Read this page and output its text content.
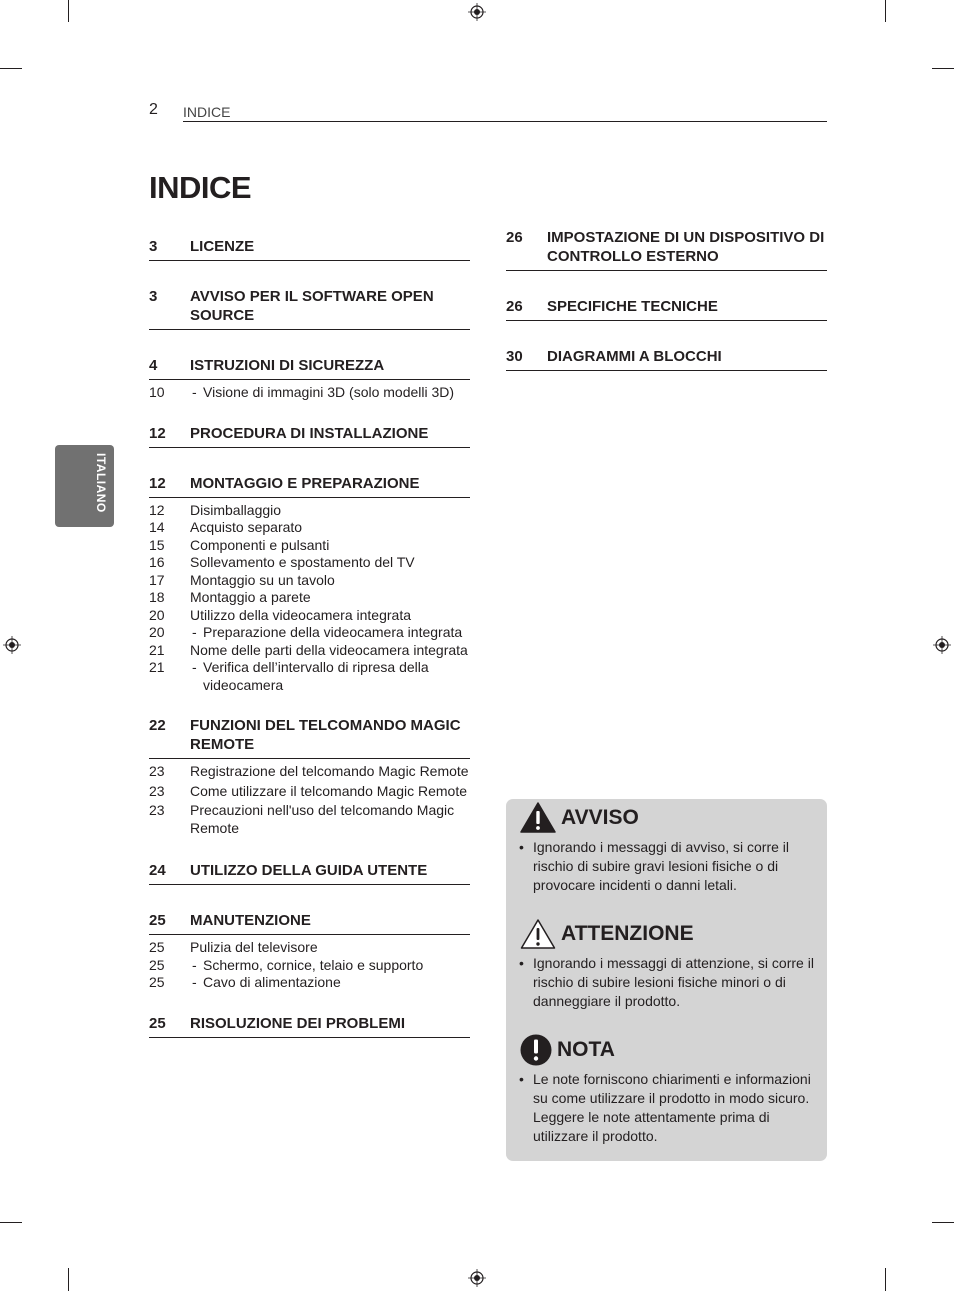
2 INDICE
INDICE
ITALIANO
3 LICENZE
3 AVVISO PER IL SOFTWARE OPEN SOURCE
4 ISTRUZIONI DI SICUREZZA
10	- Visione di immagini 3D (solo modelli 3D)
12 PROCEDURA DI INSTALLAZIONE
12 MONTAGGIO E PREPARAZIONE
12 Disimballaggio
14 Acquisto separato
15 Componenti e pulsanti
16 Sollevamento e spostamento del TV
17 Montaggio su un tavolo
18 Montaggio a parete
20 Utilizzo della videocamera integrata
20	- Preparazione della videocamera integrata
21 Nome delle parti della videocamera integrata
21	- Verifica dell’intervallo di ripresa della videocamera
22 FUNZIONI DEL TELCOMANDO MAGIC REMOTE
23 Registrazione del telcomando Magic Remote
23 Come utilizzare il telcomando Magic Remote
23 Precauzioni nell'uso del telcomando Magic Remote
24 UTILIZZO DELLA GUIDA UTENTE
25 MANUTENZIONE
25 Pulizia del televisore
25	- Schermo, cornice, telaio e supporto
25	- Cavo di alimentazione
25 RISOLUZIONE DEI PROBLEMI
26 IMPOSTAZIONE DI UN DISPOSITIVO DI CONTROLLO ESTERNO
26 SPECIFICHE TECNICHE
30 DIAGRAMMI A BLOCCHI
AVVISO
• Ignorando i messaggi di avviso, si corre il rischio di subire gravi lesioni fisiche o di provocare incidenti o danni letali.
ATTENZIONE
• Ignorando i messaggi di attenzione, si corre il rischio di subire lesioni fisiche minori o di danneggiare il prodotto.
NOTA
• Le note forniscono chiarimenti e informazioni su come utilizzare il prodotto in modo sicuro. Leggere le note attentamente prima di utilizzare il prodotto.
